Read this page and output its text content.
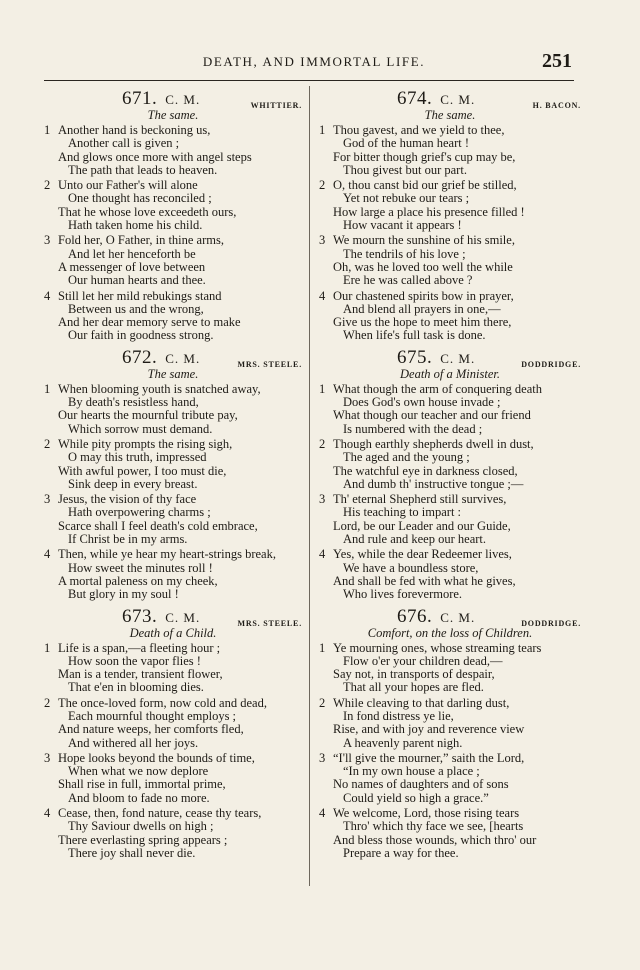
DEATH, AND IMMORTAL LIFE.	251
671. C. M.	WHITTIER.
The same.
1 Another hand is beckoning us,
Another call is given ;
And glows once more with angel steps
The path that leads to heaven.
2 Unto our Father's will alone
One thought has reconciled ;
That he whose love exceedeth ours,
Hath taken home his child.
3 Fold her, O Father, in thine arms,
And let her henceforth be
A messenger of love between
Our human hearts and thee.
4 Still let her mild rebukings stand
Between us and the wrong,
And her dear memory serve to make
Our faith in goodness strong.
672. C. M.	MRS. STEELE.
The same.
1 When blooming youth is snatched away,
By death's resistless hand,
Our hearts the mournful tribute pay,
Which sorrow must demand.
2 While pity prompts the rising sigh,
O may this truth, impressed
With awful power, I too must die,
Sink deep in every breast.
3 Jesus, the vision of thy face
Hath overpowering charms ;
Scarce shall I feel death's cold embrace,
If Christ be in my arms.
4 Then, while ye hear my heart-strings break,
How sweet the minutes roll !
A mortal paleness on my cheek,
But glory in my soul !
673. C. M.	MRS. STEELE.
Death of a Child.
1 Life is a span,—a fleeting hour ;
How soon the vapor flies !
Man is a tender, transient flower,
That e'en in blooming dies.
2 The once-loved form, now cold and dead,
Each mournful thought employs ;
And nature weeps, her comforts fled,
And withered all her joys.
3 Hope looks beyond the bounds of time,
When what we now deplore
Shall rise in full, immortal prime,
And bloom to fade no more.
4 Cease, then, fond nature, cease thy tears,
Thy Saviour dwells on high ;
There everlasting spring appears ;
There joy shall never die.
674. C. M.	H. BACON.
The same.
1 Thou gavest, and we yield to thee,
God of the human heart !
For bitter though grief's cup may be,
Thou givest but our part.
2 O, thou canst bid our grief be stilled,
Yet not rebuke our tears ;
How large a place his presence filled !
How vacant it appears !
3 We mourn the sunshine of his smile,
The tendrils of his love ;
Oh, was he loved too well the while
Ere he was called above ?
4 Our chastened spirits bow in prayer,
And blend all prayers in one,—
Give us the hope to meet him there,
When life's full task is done.
675. C. M.	DODDRIDGE.
Death of a Minister.
1 What though the arm of conquering death
Does God's own house invade ;
What though our teacher and our friend
Is numbered with the dead ;
2 Though earthly shepherds dwell in dust,
The aged and the young ;
The watchful eye in darkness closed,
And dumb th' instructive tongue ;—
3 Th' eternal Shepherd still survives,
His teaching to impart :
Lord, be our Leader and our Guide,
And rule and keep our heart.
4 Yes, while the dear Redeemer lives,
We have a boundless store,
And shall be fed with what he gives,
Who lives forevermore.
676. C. M.	DODDRIDGE.
Comfort, on the loss of Children.
1 Ye mourning ones, whose streaming tears
Flow o'er your children dead,—
Say not, in transports of despair,
That all your hopes are fled.
2 While cleaving to that darling dust,
In fond distress ye lie,
Rise, and with joy and reverence view
A heavenly parent nigh.
3 “I'll give the mourner,” saith the Lord,
“In my own house a place ;
No names of daughters and of sons
Could yield so high a grace.”
4 We welcome, Lord, those rising tears
Thro' which thy face we see, [hearts
And bless those wounds, which thro' our
Prepare a way for thee.
